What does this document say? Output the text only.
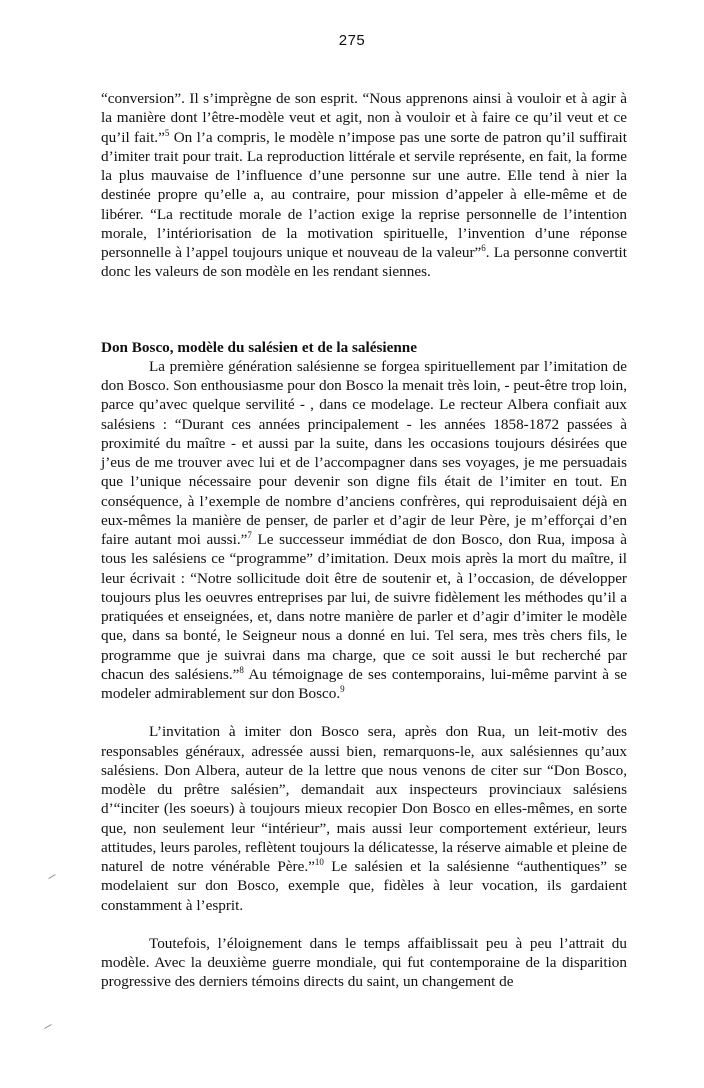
275

“conversion”. Il s’imprègne de son esprit. “Nous apprenons ainsi à vouloir et à agir à la manière dont l’être-modèle veut et agit, non à vouloir et à faire ce qu’il veut et ce qu’il fait.”$^5$ On l’a compris, le modèle n’impose pas une sorte de patron qu’il suffirait d’imiter trait pour trait. La reproduction littérale et servile représente, en fait, la forme la plus mauvaise de l’influence d’une personne sur une autre. Elle tend à nier la destinée propre qu’elle a, au contraire, pour mission d’appeler à elle-même et de libérer. “La rectitude morale de l’action exige la reprise personnelle de l’intention morale, l’intériorisation de la motivation spirituelle, l’invention d’une réponse personnelle à l’appel toujours unique et nouveau de la valeur”$^6$. La personne convertit donc les valeurs de son modèle en les rendant siennes.

Don Bosco, modèle du salésien et de la salésienne

La première génération salésienne se forgea spirituellement par l’imitation de don Bosco. Son enthousiasme pour don Bosco la menait très loin, - peut-être trop loin, parce qu’avec quelque servilité - , dans ce modelage. Le recteur Albera confiait aux salésiens : “Durant ces années principalement - les années 1858-1872 passées à proximité du maître - et aussi par la suite, dans les occasions toujours désirées que j’eus de me trouver avec lui et de l’accompagner dans ses voyages, je me persuadais que l’unique nécessaire pour devenir son digne fils était de l’imiter en tout. En conséquence, à l’exemple de nombre d’anciens confrères, qui reproduisaient déjà en eux-mêmes la manière de penser, de parler et d’agir de leur Père, je m’efforçai d’en faire autant moi aussi.”$^7$ Le successeur immédiat de don Bosco, don Rua, imposa à tous les salésiens ce “programme” d’imitation. Deux mois après la mort du maître, il leur écrivait : “Notre sollicitude doit être de soutenir et, à l’occasion, de développer toujours plus les oeuvres entreprises par lui, de suivre fidèlement les méthodes qu’il a pratiquées et enseignées, et, dans notre manière de parler et d’agir d’imiter le modèle que, dans sa bonté, le Seigneur nous a donné en lui. Tel sera, mes très chers fils, le programme que je suivrai dans ma charge, que ce soit aussi le but recherché par chacun des salésiens.”$^8$ Au témoignage de ses contemporains, lui-même parvint à se modeler admirablement sur don Bosco.$^9$

L’invitation à imiter don Bosco sera, après don Rua, un leit-motiv des responsables généraux, adressée aussi bien, remarquons-le, aux salésiennes qu’aux salésiens. Don Albera, auteur de la lettre que nous venons de citer sur “Don Bosco, modèle du prêtre salésien”, demandait aux inspecteurs provinciaux salésiens d’“inciter (les soeurs) à toujours mieux recopier Don Bosco en elles-mêmes, en sorte que, non seulement leur “intérieur”, mais aussi leur comportement extérieur, leurs attitudes, leurs paroles, reflètent toujours la délicatesse, la réserve aimable et pleine de naturel de notre vénérable Père.”$^{10}$ Le salésien et la salésienne “authentiques” se modelaient sur don Bosco, exemple que, fidèles à leur vocation, ils gardaient constamment à l’esprit.

Toutefois, l’éloignement dans le temps affaiblissait peu à peu l’attrait du modèle. Avec la deuxième guerre mondiale, qui fut contemporaine de la disparition progressive des derniers témoins directs du saint, un changement de
